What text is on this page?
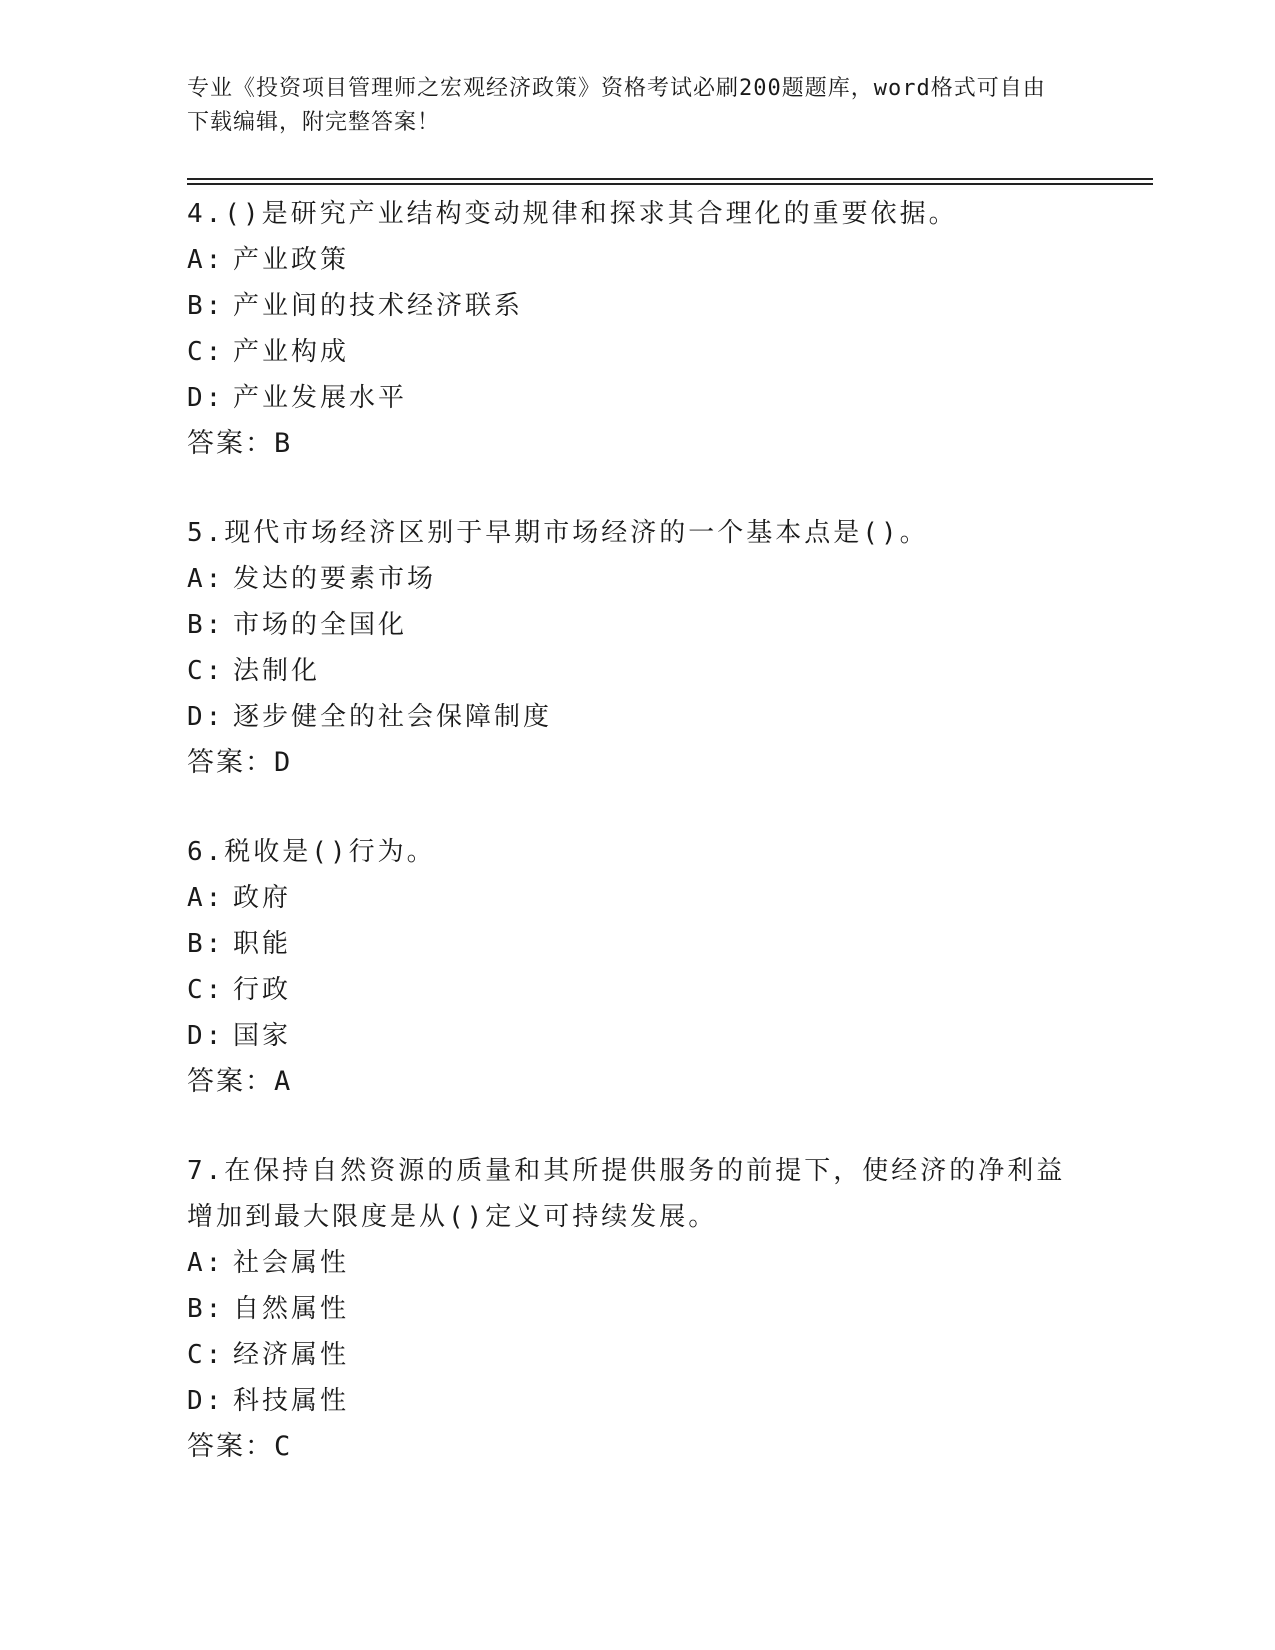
专业《投资项目管理师之宏观经济政策》资格考试必刷200题题库，word格式可自由下载编辑，附完整答案！

4.()是研究产业结构变动规律和探求其合理化的重要依据。

A: 产业政策

B: 产业间的技术经济联系

C: 产业构成

D: 产业发展水平

答案：B

5.现代市场经济区别于早期市场经济的一个基本点是()。

A: 发达的要素市场

B: 市场的全国化

C: 法制化

D: 逐步健全的社会保障制度

答案：D

6.税收是()行为。

A: 政府

B: 职能

C: 行政

D: 国家

答案：A

7.在保持自然资源的质量和其所提供服务的前提下，使经济的净利益增加到最大限度是从()定义可持续发展。

A: 社会属性

B: 自然属性

C: 经济属性

D: 科技属性

答案：C
